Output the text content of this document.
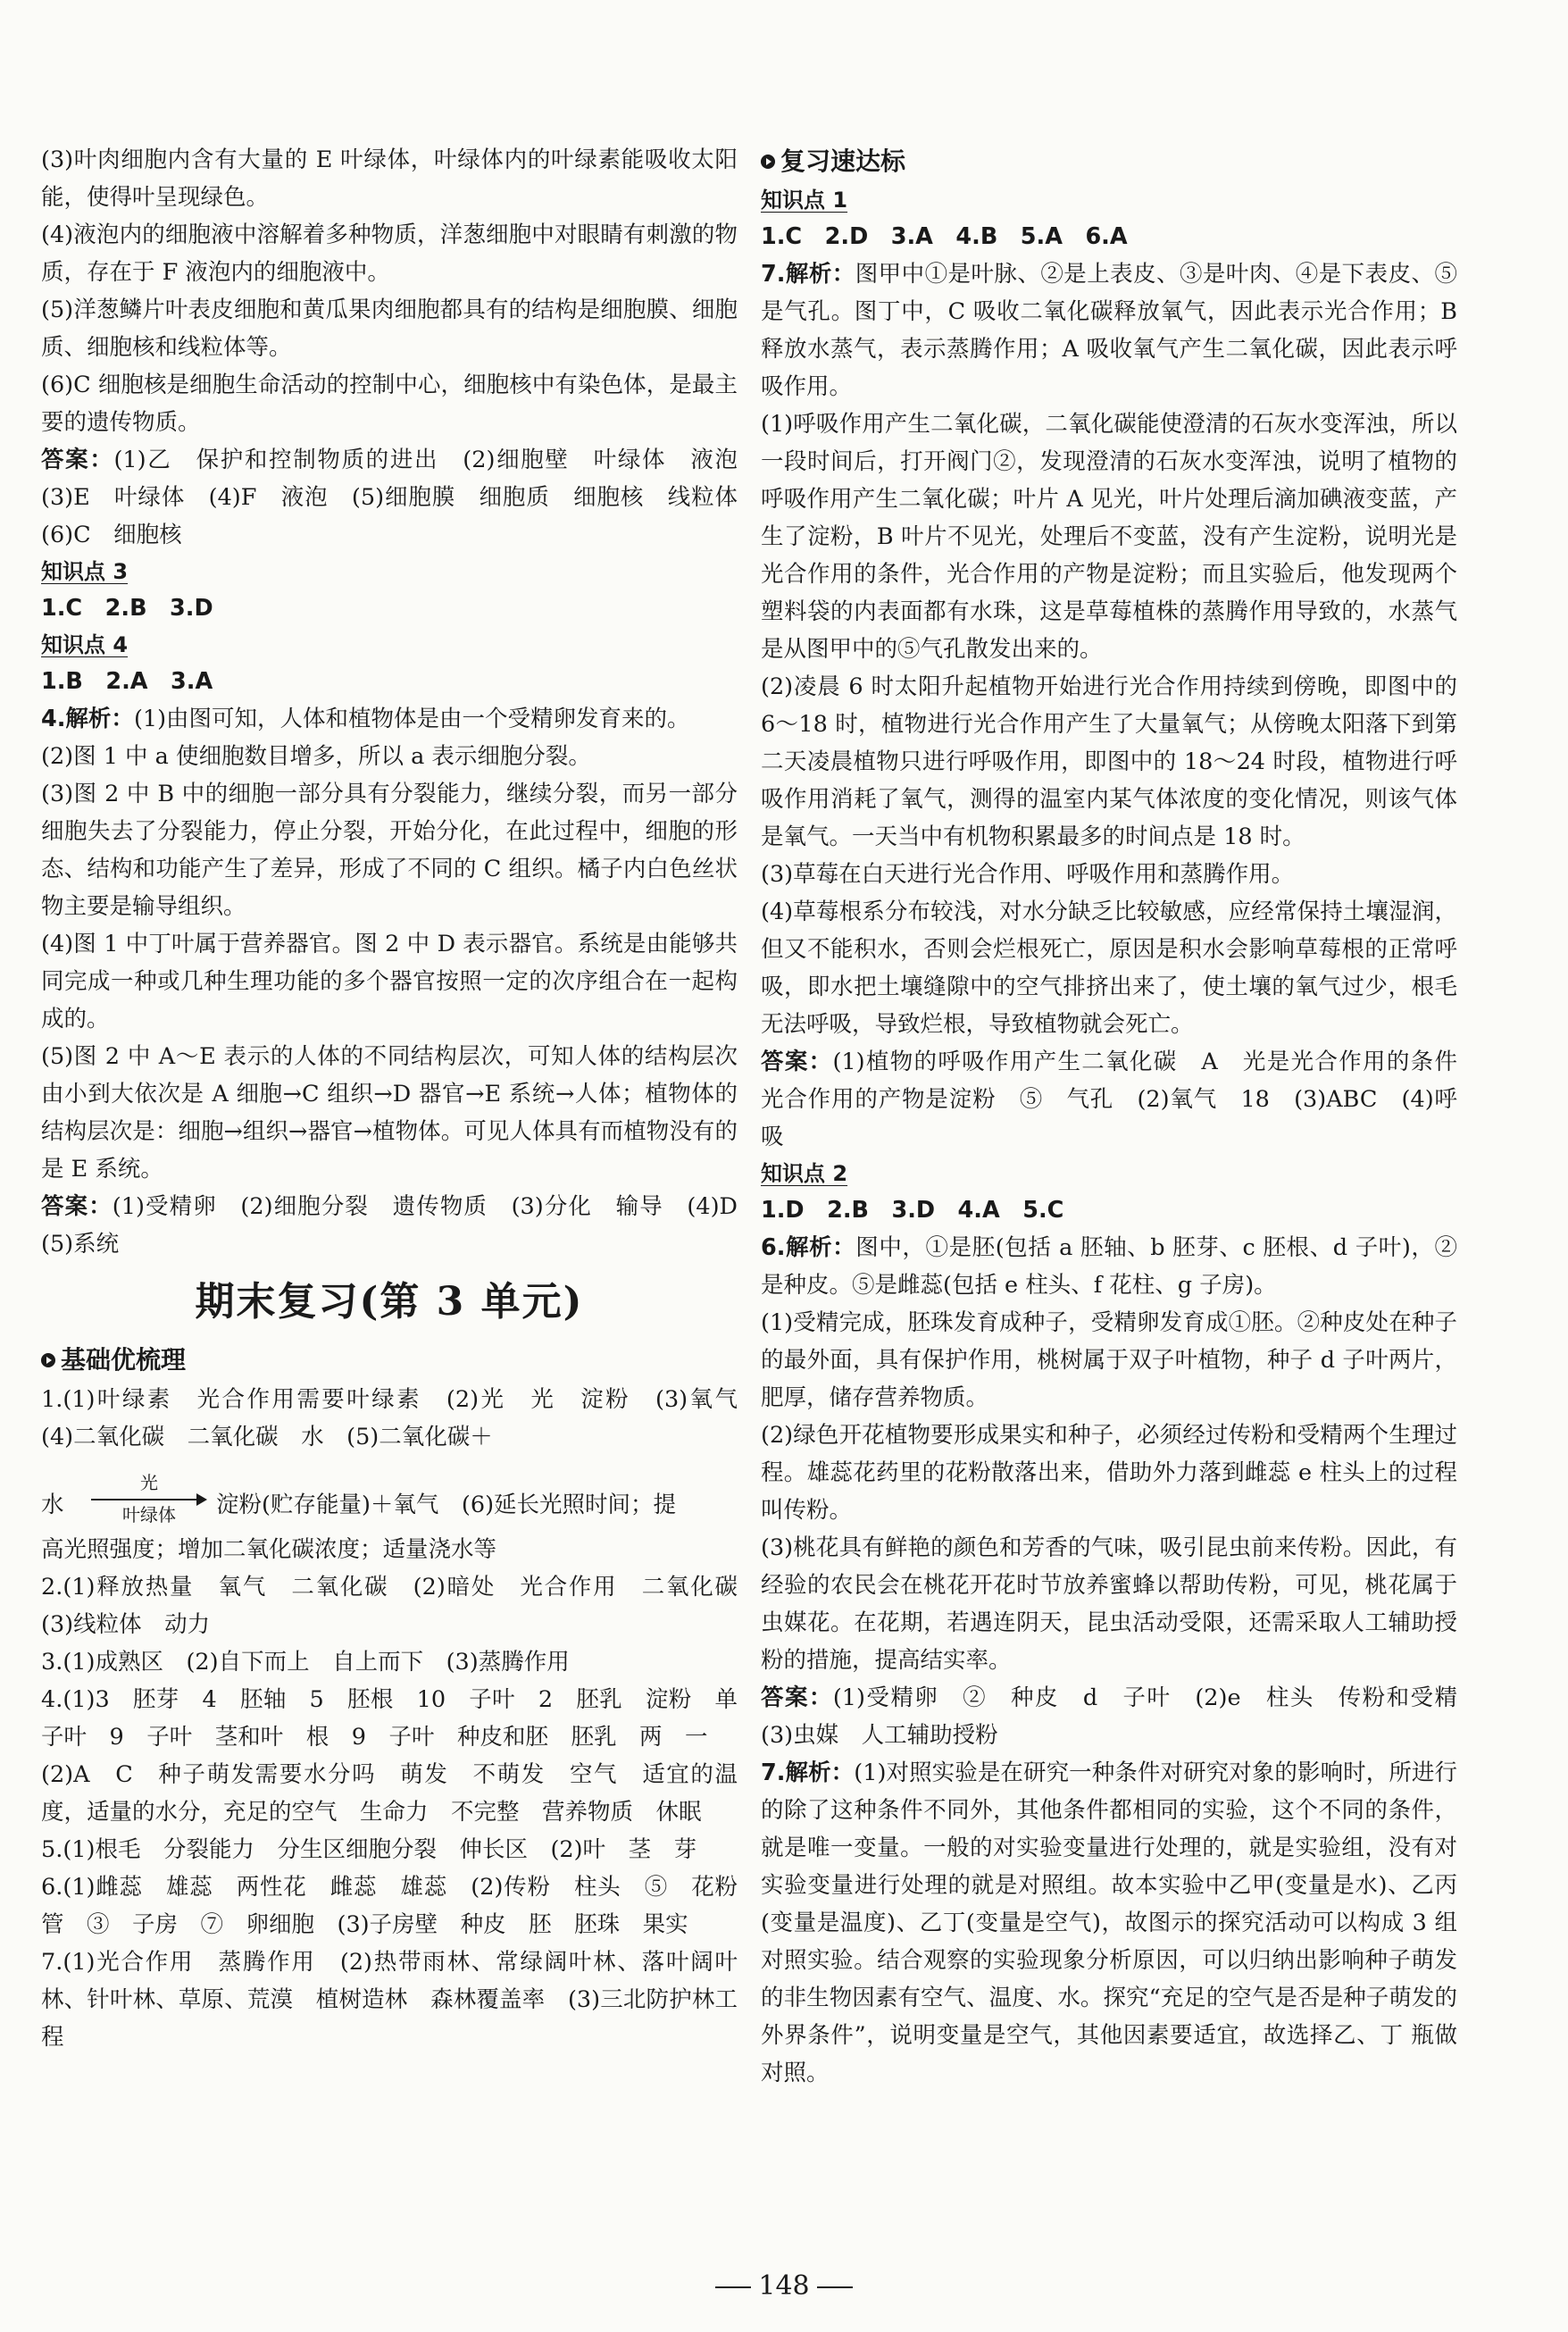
(3)叶肉细胞内含有大量的 E 叶绿体，叶绿体内的叶绿素能吸收太阳能，使得叶呈现绿色。

(4)液泡内的细胞液中溶解着多种物质，洋葱细胞中对眼睛有刺激的物质，存在于 F 液泡内的细胞液中。

(5)洋葱鳞片叶表皮细胞和黄瓜果肉细胞都具有的结构是细胞膜、细胞质、细胞核和线粒体等。

(6)C 细胞核是细胞生命活动的控制中心，细胞核中有染色体，是最主要的遗传物质。

答案：(1)乙　保护和控制物质的进出　(2)细胞壁　叶绿体　液泡　(3)E　叶绿体　(4)F　液泡　(5)细胞膜　细胞质　细胞核　线粒体　(6)C　细胞核

知识点 3

1.C　2.B　3.D

知识点 4

1.B　2.A　3.A

4.解析：(1)由图可知，人体和植物体是由一个受精卵发育来的。

(2)图 1 中 a 使细胞数目增多，所以 a 表示细胞分裂。

(3)图 2 中 B 中的细胞一部分具有分裂能力，继续分裂，而另一部分细胞失去了分裂能力，停止分裂，开始分化，在此过程中，细胞的形态、结构和功能产生了差异，形成了不同的 C 组织。橘子内白色丝状物主要是输导组织。

(4)图 1 中丁叶属于营养器官。图 2 中 D 表示器官。系统是由能够共同完成一种或几种生理功能的多个器官按照一定的次序组合在一起构成的。

(5)图 2 中 A～E 表示的人体的不同结构层次，可知人体的结构层次由小到大依次是 A 细胞→C 组织→D 器官→E 系统→人体；植物体的结构层次是：细胞→组织→器官→植物体。可见人体具有而植物没有的是 E 系统。

答案：(1)受精卵　(2)细胞分裂　遗传物质　(3)分化　输导　(4)D　(5)系统

期末复习(第 3 单元)
基础优梳理

1.(1)叶绿素　光合作用需要叶绿素　(2)光　光　淀粉　(3)氧气　(4)二氧化碳　二氧化碳　水　(5)二氧化碳＋

水
光
叶绿体	淀粉(贮存能量)＋氧气　(6)延长光照时间；提

高光照强度；增加二氧化碳浓度；适量浇水等

2.(1)释放热量　氧气　二氧化碳　(2)暗处　光合作用　二氧化碳　(3)线粒体　动力

3.(1)成熟区　(2)自下而上　自上而下　(3)蒸腾作用

4.(1)3　胚芽　4　胚轴　5　胚根　10　子叶　2　胚乳　淀粉　单子叶　9　子叶　茎和叶　根　9　子叶　种皮和胚　胚乳　两　一

(2)A　C　种子萌发需要水分吗　萌发　不萌发　空气　适宜的温度，适量的水分，充足的空气　生命力　不完整　营养物质　休眠

5.(1)根毛　分裂能力　分生区细胞分裂　伸长区　(2)叶　茎　芽

6.(1)雌蕊　雄蕊　两性花　雌蕊　雄蕊　(2)传粉　柱头　⑤　花粉管　③　子房　⑦　卵细胞　(3)子房壁　种皮　胚　胚珠　果实

7.(1)光合作用　蒸腾作用　(2)热带雨林、常绿阔叶林、落叶阔叶林、针叶林、草原、荒漠　植树造林　森林覆盖率　(3)三北防护林工程

复习速达标
知识点 1

1.C　2.D　3.A　4.B　5.A　6.A

7.解析：图甲中①是叶脉、②是上表皮、③是叶肉、④是下表皮、⑤是气孔。图丁中，C 吸收二氧化碳释放氧气，因此表示光合作用；B 释放水蒸气，表示蒸腾作用；A 吸收氧气产生二氧化碳，因此表示呼吸作用。

(1)呼吸作用产生二氧化碳，二氧化碳能使澄清的石灰水变浑浊，所以一段时间后，打开阀门②，发现澄清的石灰水变浑浊，说明了植物的呼吸作用产生二氧化碳；叶片 A 见光，叶片处理后滴加碘液变蓝，产生了淀粉，B 叶片不见光，处理后不变蓝，没有产生淀粉，说明光是光合作用的条件，光合作用的产物是淀粉；而且实验后，他发现两个塑料袋的内表面都有水珠，这是草莓植株的蒸腾作用导致的，水蒸气是从图甲中的⑤气孔散发出来的。

(2)凌晨 6 时太阳升起植物开始进行光合作用持续到傍晚，即图中的 6～18 时，植物进行光合作用产生了大量氧气；从傍晚太阳落下到第二天凌晨植物只进行呼吸作用，即图中的 18～24 时段，植物进行呼吸作用消耗了氧气，测得的温室内某气体浓度的变化情况，则该气体是氧气。一天当中有机物积累最多的时间点是 18 时。

(3)草莓在白天进行光合作用、呼吸作用和蒸腾作用。

(4)草莓根系分布较浅，对水分缺乏比较敏感，应经常保持土壤湿润，但又不能积水，否则会烂根死亡，原因是积水会影响草莓根的正常呼吸，即水把土壤缝隙中的空气排挤出来了，使土壤的氧气过少，根毛无法呼吸，导致烂根，导致植物就会死亡。

答案：(1)植物的呼吸作用产生二氧化碳　A　光是光合作用的条件　光合作用的产物是淀粉　⑤　气孔　(2)氧气　18　(3)ABC　(4)呼吸

知识点 2

1.D　2.B　3.D　4.A　5.C

6.解析：图中，①是胚(包括 a 胚轴、b 胚芽、c 胚根、d 子叶)，②是种皮。⑤是雌蕊(包括 e 柱头、f 花柱、g 子房)。

(1)受精完成，胚珠发育成种子，受精卵发育成①胚。②种皮处在种子的最外面，具有保护作用，桃树属于双子叶植物，种子 d 子叶两片，肥厚，储存营养物质。

(2)绿色开花植物要形成果实和种子，必须经过传粉和受精两个生理过程。雄蕊花药里的花粉散落出来，借助外力落到雌蕊 e 柱头上的过程叫传粉。

(3)桃花具有鲜艳的颜色和芳香的气味，吸引昆虫前来传粉。因此，有经验的农民会在桃花开花时节放养蜜蜂以帮助传粉，可见，桃花属于虫媒花。在花期，若遇连阴天，昆虫活动受限，还需采取人工辅助授粉的措施，提高结实率。

答案：(1)受精卵　②　种皮　d　子叶　(2)e　柱头　传粉和受精　(3)虫媒　人工辅助授粉

7.解析：(1)对照实验是在研究一种条件对研究对象的影响时，所进行的除了这种条件不同外，其他条件都相同的实验，这个不同的条件，就是唯一变量。一般的对实验变量进行处理的，就是实验组，没有对实验变量进行处理的就是对照组。故本实验中乙甲(变量是水)、乙丙(变量是温度)、乙丁(变量是空气)，故图示的探究活动可以构成 3 组对照实验。结合观察的实验现象分析原因，可以归纳出影响种子萌发的非生物因素有空气、温度、水。探究“充足的空气是否是种子萌发的外界条件”，说明变量是空气，其他因素要适宜，故选择乙、丁 瓶做对照。

148
